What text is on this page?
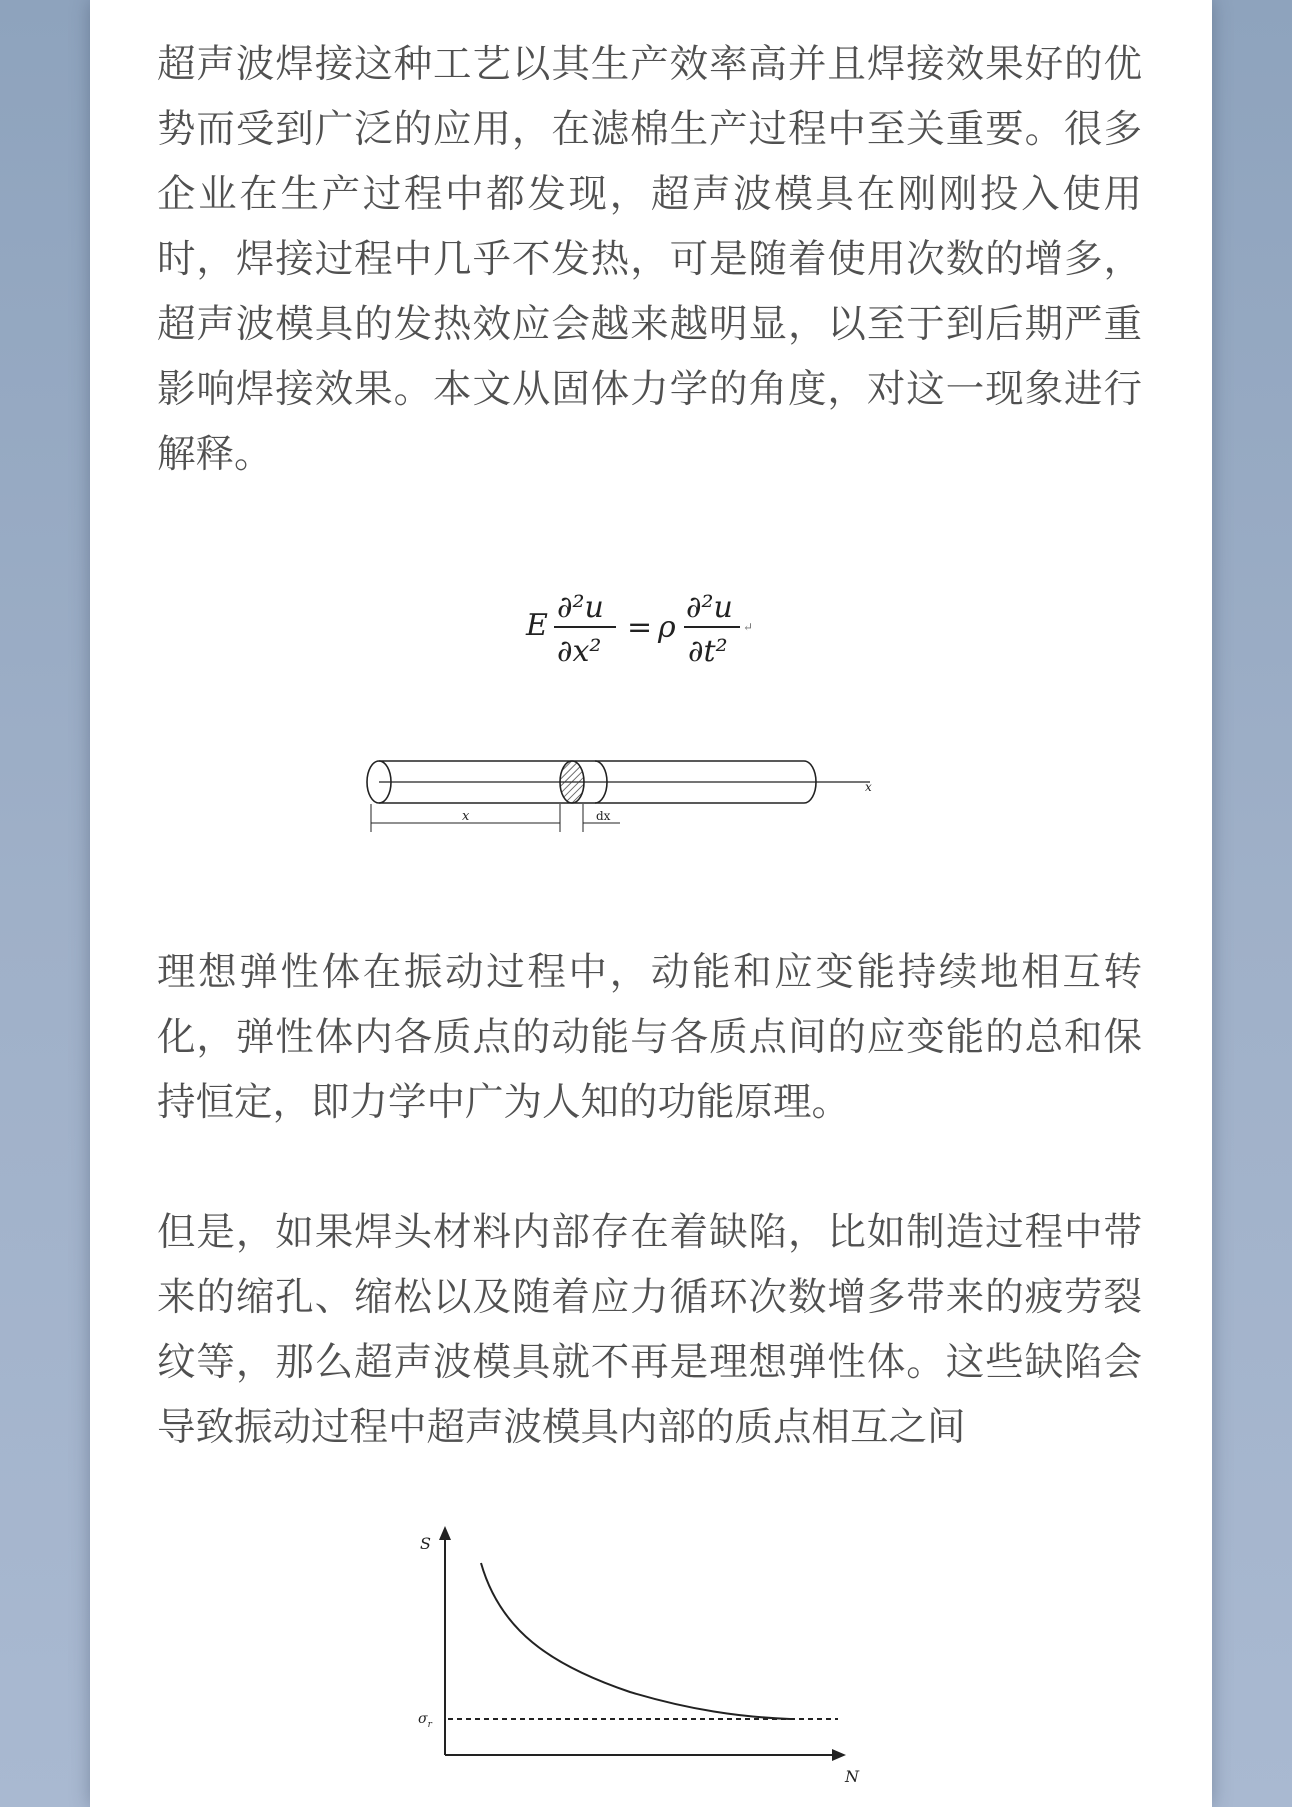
超声波焊接这种工艺以其生产效率高并且焊接效果好的优势而受到广泛的应用，在滤棉生产过程中至关重要。很多企业在生产过程中都发现，超声波模具在刚刚投入使用时，焊接过程中几乎不发热，可是随着使用次数的增多，超声波模具的发热效应会越来越明显，以至于到后期严重影响焊接效果。本文从固体力学的角度，对这一现象进行解释。

E
∂²u
∂x²
= ρ
∂²u
∂t²
↵
x
x	dx

理想弹性体在振动过程中，动能和应变能持续地相互转化，弹性体内各质点的动能与各质点间的应变能的总和保持恒定，即力学中广为人知的功能原理。

但是，如果焊头材料内部存在着缺陷，比如制造过程中带来的缩孔、缩松以及随着应力循环次数增多带来的疲劳裂纹等，那么超声波模具就不再是理想弹性体。这些缺陷会导致振动过程中超声波模具内部的质点相互之间

S
N
$\sigma_r$
